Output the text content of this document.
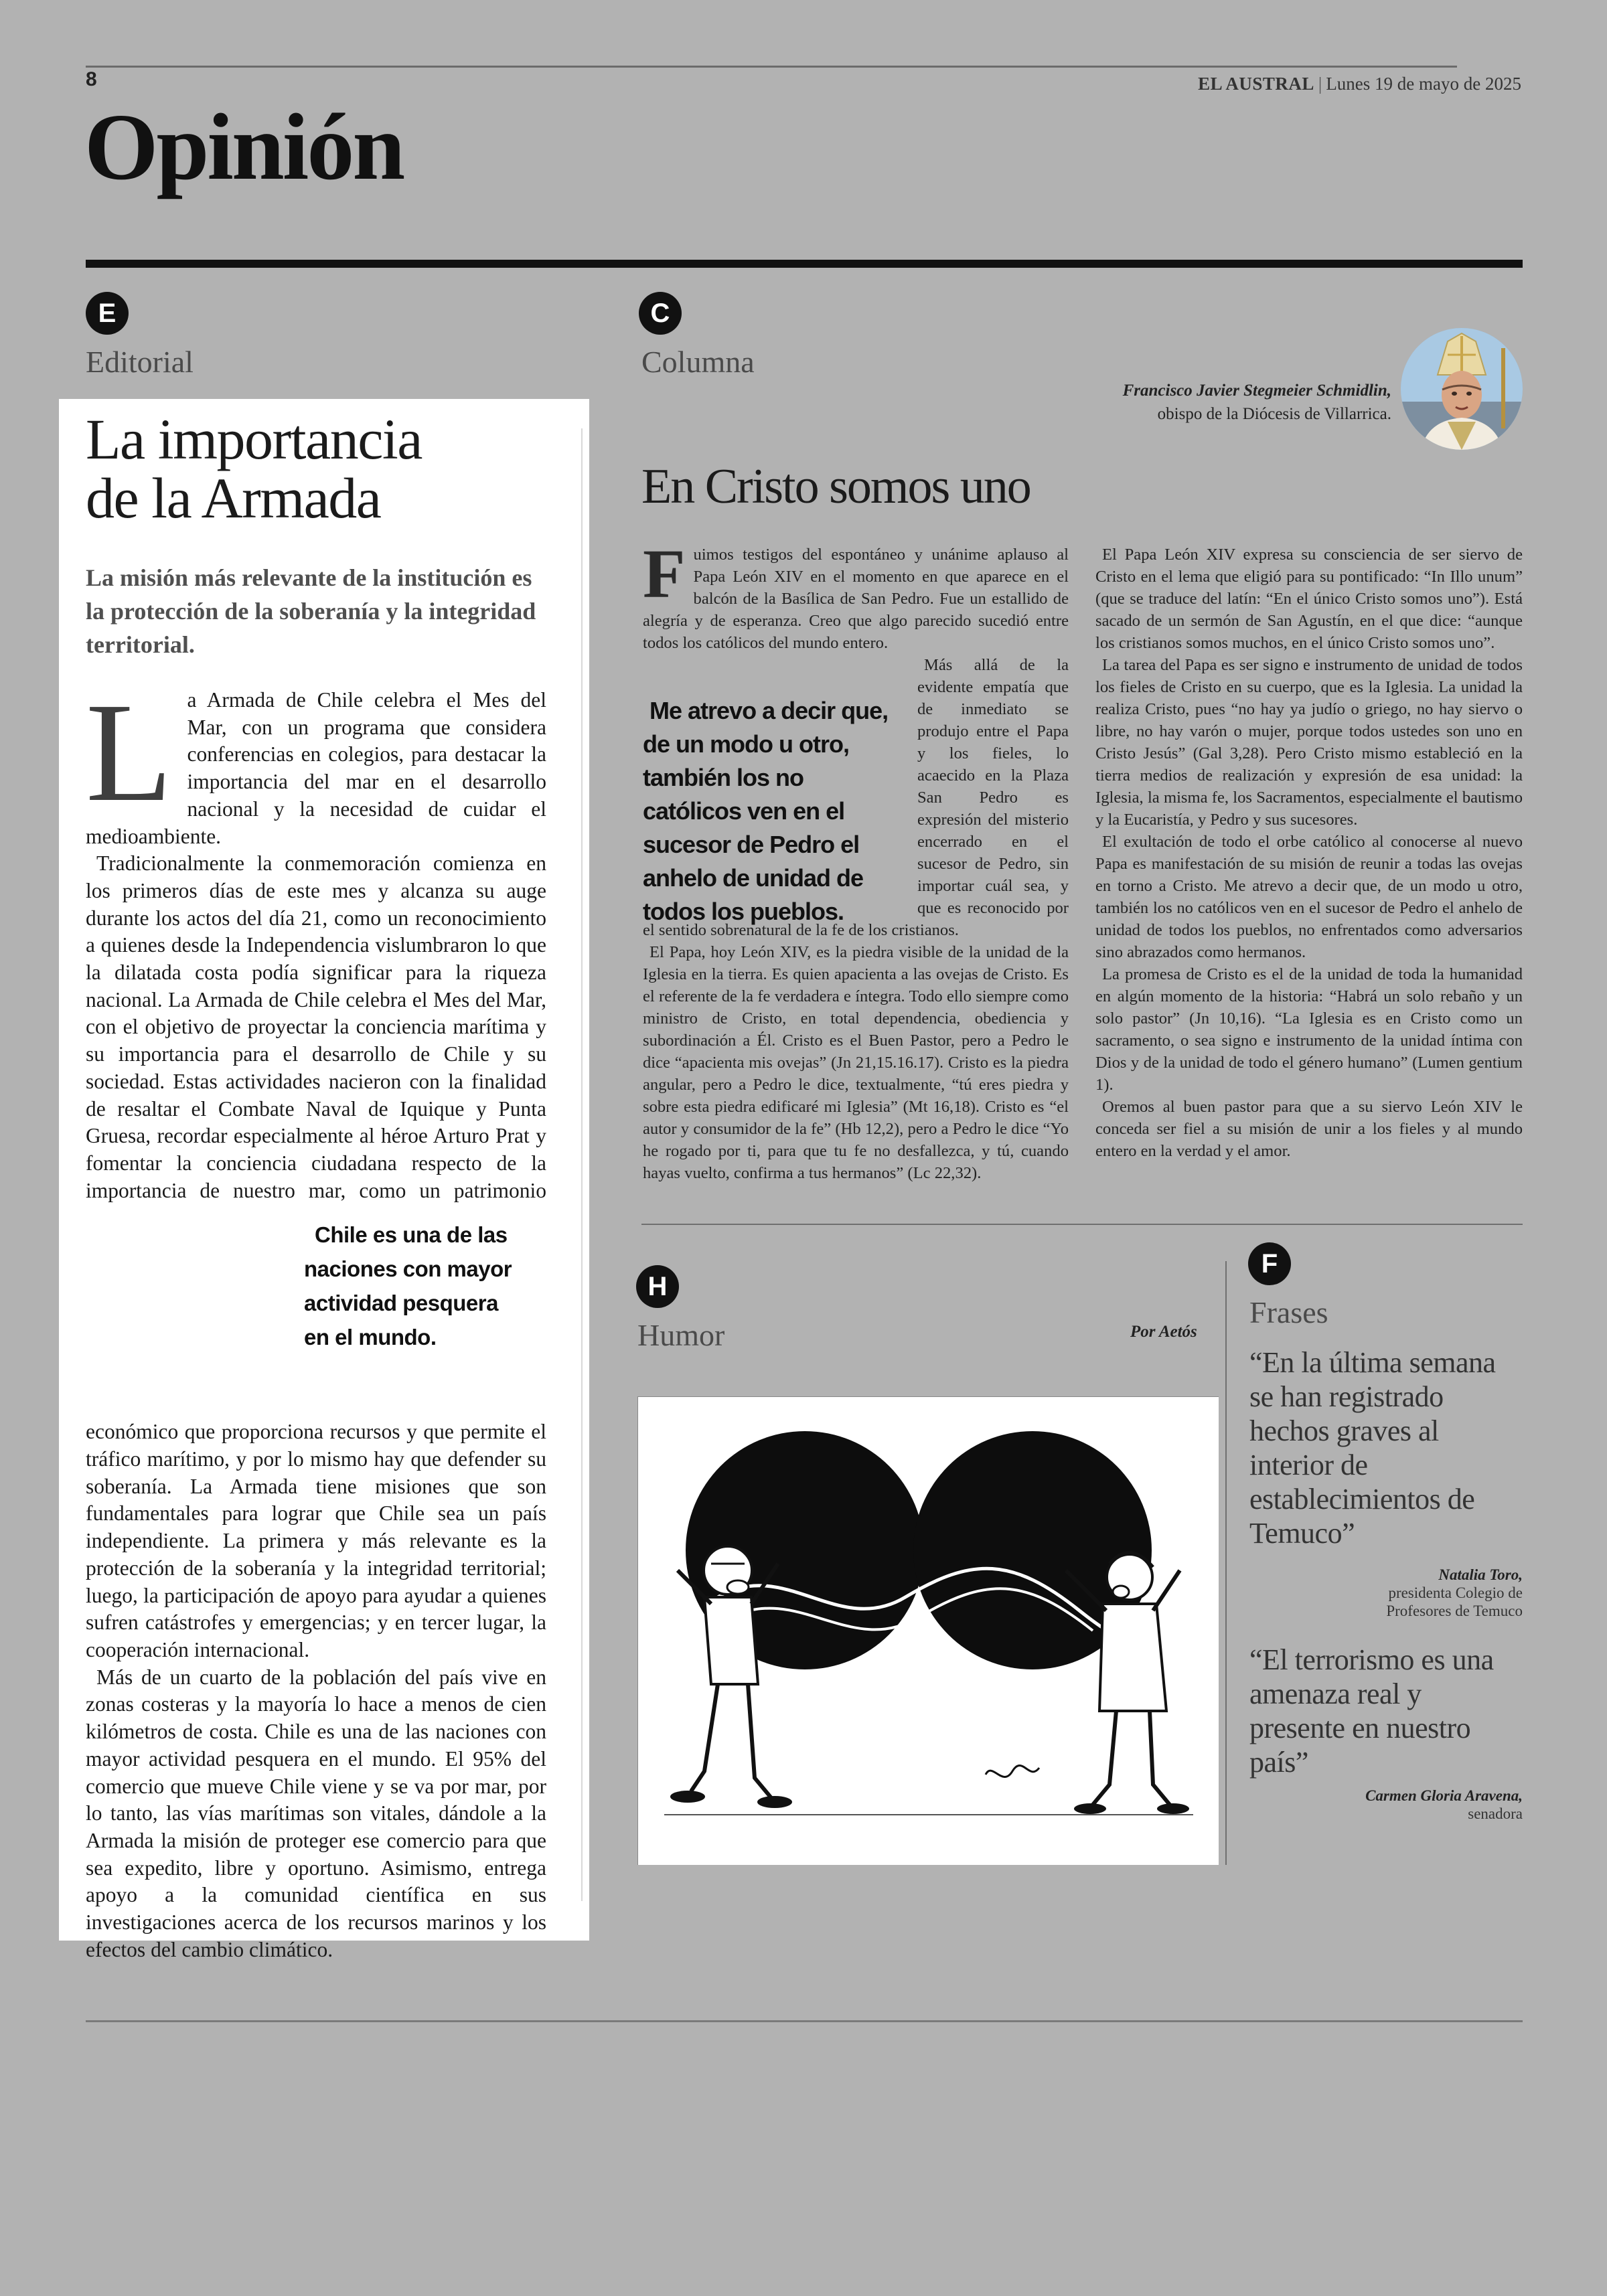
8	EL AUSTRAL | Lunes 19 de mayo de 2025
Opinión
E
Editorial
La importancia
de la Armada
La misión más relevante de la institución es la protección de la soberanía y la integridad territorial.

La Armada de Chile celebra el Mes del Mar, con un programa que considera conferencias en colegios, para destacar la importancia del mar en el desarrollo nacional y la necesidad de cuidar el medioambiente.

Tradicionalmente la conmemoración comienza en los primeros días de este mes y alcanza su auge durante los actos del día 21, como un reconocimiento a quienes desde la Independencia vislumbraron lo que la dilatada costa podía significar para la riqueza nacional. La Armada de Chile celebra el Mes del Mar, con el objetivo de proyectar la conciencia marítima y su importancia para el desarrollo de Chile y su sociedad. Estas actividades nacieron con la finalidad de resaltar el Combate Naval de Iquique y Punta Gruesa, recordar especialmente al héroe Arturo Prat y fomentar la conciencia ciudadana respecto de la importancia de nuestro mar, como un patrimonio
Chile es una de las naciones con mayor actividad pesquera en el mundo.
económico que proporciona recursos y que permite el tráfico marítimo, y por lo mismo hay que defender su soberanía. La Armada tiene misiones que son fundamentales para lograr que Chile sea un país independiente. La primera y más relevante es la protección de la soberanía y la integridad territorial; luego, la participación de apoyo para ayudar a quienes sufren catástrofes y emergencias; y en tercer lugar, la cooperación internacional.

Más de un cuarto de la población del país vive en zonas costeras y la mayoría lo hace a menos de cien kilómetros de costa. Chile es una de las naciones con mayor actividad pesquera en el mundo. El 95% del comercio que mueve Chile viene y se va por mar, por lo tanto, las vías marítimas son vitales, dándole a la Armada la misión de proteger ese comercio para que sea expedito, libre y oportuno. Asimismo, entrega apoyo a la comunidad científica en sus investigaciones acerca de los recursos marinos y los efectos del cambio climático.

C
Columna
Francisco Javier Stegmeier Schmidlin,
obispo de la Diócesis de Villarrica.
En Cristo somos uno

Fuimos testigos del espontáneo y unánime aplauso al Papa León XIV en el momento en que aparece en el balcón de la Basílica de San Pedro. Fue un estallido de alegría y de esperanza. Creo que algo parecido sucedió entre todos los católicos del mundo entero.

Me atrevo a decir que, de un modo u otro, también los no católicos ven en el sucesor de Pedro el anhelo de unidad de todos los pueblos.
Más allá de la evidente empatía que de inmediato se produjo entre el Papa y los fieles, lo acaecido en la Plaza San Pedro es expresión del misterio encerrado en el sucesor de Pedro, sin importar cuál sea, y que es reconocido por el sentido sobrenatural de la fe de los cristianos.

El Papa, hoy León XIV, es la piedra visible de la unidad de la Iglesia en la tierra. Es quien apacienta a las ovejas de Cristo. Es el referente de la fe verdadera e íntegra. Todo ello siempre como ministro de Cristo, en total dependencia, obediencia y subordinación a Él. Cristo es el Buen Pastor, pero a Pedro le dice “apacienta mis ovejas” (Jn 21,15.16.17). Cristo es la piedra angular, pero a Pedro le dice, textualmente, “tú eres piedra y sobre esta piedra edificaré mi Iglesia” (Mt 16,18). Cristo es “el autor y consumidor de la fe” (Hb 12,2), pero a Pedro le dice “Yo he rogado por ti, para que tu fe no desfallezca, y tú, cuando hayas vuelto, confirma a tus hermanos” (Lc 22,32).

El Papa León XIV expresa su consciencia de ser siervo de Cristo en el lema que eligió para su pontificado: “In Illo unum” (que se traduce del latín: “En el único Cristo somos uno”). Está sacado de un sermón de San Agustín, en el que dice: “aunque los cristianos somos muchos, en el único Cristo somos uno”.

La tarea del Papa es ser signo e instrumento de unidad de todos los fieles de Cristo en su cuerpo, que es la Iglesia. La unidad la realiza Cristo, pues “no hay ya judío o griego, no hay siervo o libre, no hay varón o mujer, porque todos ustedes son uno en Cristo Jesús” (Gal 3,28). Pero Cristo mismo estableció en la tierra medios de realización y expresión de esa unidad: la Iglesia, la misma fe, los Sacramentos, especialmente el bautismo y la Eucaristía, y Pedro y sus sucesores.

El exultación de todo el orbe católico al conocerse al nuevo Papa es manifestación de su misión de reunir a todas las ovejas en torno a Cristo. Me atrevo a decir que, de un modo u otro, también los no católicos ven en el sucesor de Pedro el anhelo de unidad de todos los pueblos, no enfrentados como adversarios sino abrazados como hermanos.

La promesa de Cristo es el de la unidad de toda la humanidad en algún momento de la historia: “Habrá un solo rebaño y un solo pastor” (Jn 10,16). “La Iglesia es en Cristo como un sacramento, o sea signo e instrumento de la unidad íntima con Dios y de la unidad de todo el género humano” (Lumen gentium 1).

Oremos al buen pastor para que a su siervo León XIV le conceda ser fiel a su misión de unir a los fieles y al mundo entero en la verdad y el amor.

H
Humor	Por Aetós
F
Frases
“En la última semana se han registrado hechos graves al interior de establecimientos de Temuco”
Natalia Toro,
presidenta Colegio de
Profesores de Temuco
“El terrorismo es una amenaza real y presente en nuestro país”
Carmen Gloria Aravena,
senadora
